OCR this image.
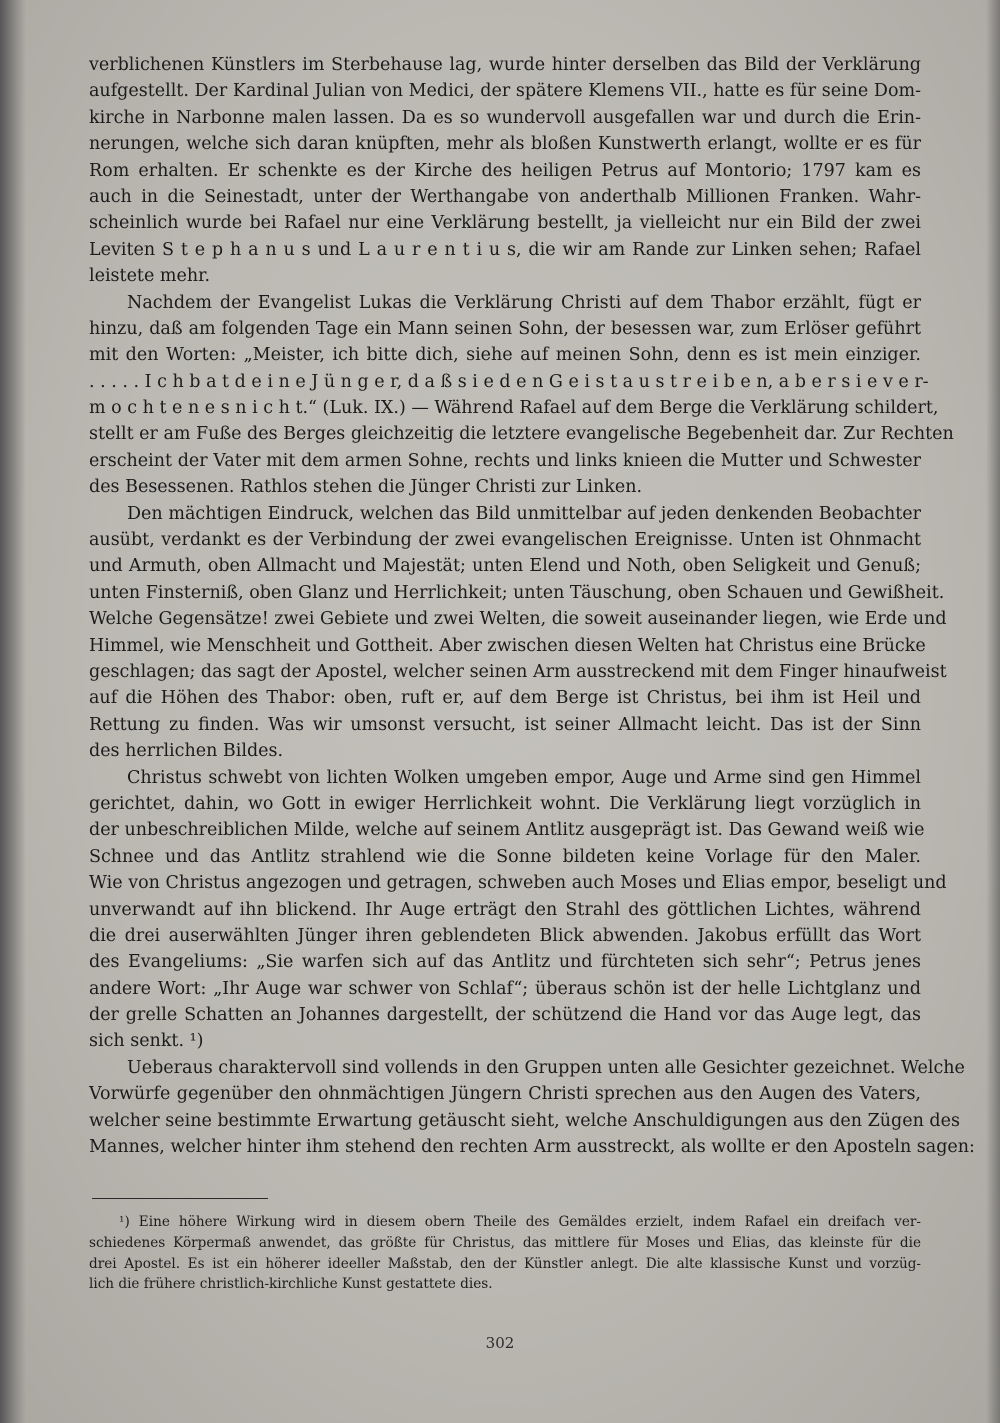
verblichenen Künstlers im Sterbehause lag, wurde hinter derselben das Bild der Verklärung
aufgestellt. Der Kardinal Julian von Medici, der spätere Klemens VII., hatte es für seine Dom-
kirche in Narbonne malen lassen. Da es so wundervoll ausgefallen war und durch die Erin-
nerungen, welche sich daran knüpften, mehr als bloßen Kunstwerth erlangt, wollte er es für
Rom erhalten. Er schenkte es der Kirche des heiligen Petrus auf Montorio; 1797 kam es
auch in die Seinestadt, unter der Werthangabe von anderthalb Millionen Franken. Wahr-
scheinlich wurde bei Rafael nur eine Verklärung bestellt, ja vielleicht nur ein Bild der zwei
Leviten S t e p h a n u s und L a u r e n t i u s, die wir am Rande zur Linken sehen; Rafael
leistete mehr.
Nachdem der Evangelist Lukas die Verklärung Christi auf dem Thabor erzählt, fügt er
hinzu, daß am folgenden Tage ein Mann seinen Sohn, der besessen war, zum Erlöser geführt
mit den Worten: „Meister, ich bitte dich, siehe auf meinen Sohn, denn es ist mein einziger.
. . . . . I c h b a t d e i n e J ü n g e r, d a ß s i e d e n G e i s t a u s t r e i b e n, a b e r s i e v e r-
m o c h t e n e s n i c h t.“ (Luk. IX.) — Während Rafael auf dem Berge die Verklärung schildert,
stellt er am Fuße des Berges gleichzeitig die letztere evangelische Begebenheit dar. Zur Rechten
erscheint der Vater mit dem armen Sohne, rechts und links knieen die Mutter und Schwester
des Besessenen. Rathlos stehen die Jünger Christi zur Linken.
Den mächtigen Eindruck, welchen das Bild unmittelbar auf jeden denkenden Beobachter
ausübt, verdankt es der Verbindung der zwei evangelischen Ereignisse. Unten ist Ohnmacht
und Armuth, oben Allmacht und Majestät; unten Elend und Noth, oben Seligkeit und Genuß;
unten Finsterniß, oben Glanz und Herrlichkeit; unten Täuschung, oben Schauen und Gewißheit.
Welche Gegensätze! zwei Gebiete und zwei Welten, die soweit auseinander liegen, wie Erde und
Himmel, wie Menschheit und Gottheit. Aber zwischen diesen Welten hat Christus eine Brücke
geschlagen; das sagt der Apostel, welcher seinen Arm ausstreckend mit dem Finger hinaufweist
auf die Höhen des Thabor: oben, ruft er, auf dem Berge ist Christus, bei ihm ist Heil und
Rettung zu finden. Was wir umsonst versucht, ist seiner Allmacht leicht. Das ist der Sinn
des herrlichen Bildes.
Christus schwebt von lichten Wolken umgeben empor, Auge und Arme sind gen Himmel
gerichtet, dahin, wo Gott in ewiger Herrlichkeit wohnt. Die Verklärung liegt vorzüglich in
der unbeschreiblichen Milde, welche auf seinem Antlitz ausgeprägt ist. Das Gewand weiß wie
Schnee und das Antlitz strahlend wie die Sonne bildeten keine Vorlage für den Maler.
Wie von Christus angezogen und getragen, schweben auch Moses und Elias empor, beseligt und
unverwandt auf ihn blickend. Ihr Auge erträgt den Strahl des göttlichen Lichtes, während
die drei auserwählten Jünger ihren geblendeten Blick abwenden. Jakobus erfüllt das Wort
des Evangeliums: „Sie warfen sich auf das Antlitz und fürchteten sich sehr“; Petrus jenes
andere Wort: „Ihr Auge war schwer von Schlaf“; überaus schön ist der helle Lichtglanz und
der grelle Schatten an Johannes dargestellt, der schützend die Hand vor das Auge legt, das
sich senkt. ¹)
Ueberaus charaktervoll sind vollends in den Gruppen unten alle Gesichter gezeichnet. Welche
Vorwürfe gegenüber den ohnmächtigen Jüngern Christi sprechen aus den Augen des Vaters,
welcher seine bestimmte Erwartung getäuscht sieht, welche Anschuldigungen aus den Zügen des
Mannes, welcher hinter ihm stehend den rechten Arm ausstreckt, als wollte er den Aposteln sagen:
¹) Eine höhere Wirkung wird in diesem obern Theile des Gemäldes erzielt, indem Rafael ein dreifach ver-
schiedenes Körpermaß anwendet, das größte für Christus, das mittlere für Moses und Elias, das kleinste für die
drei Apostel. Es ist ein höherer ideeller Maßstab, den der Künstler anlegt. Die alte klassische Kunst und vorzüg-
lich die frühere christlich-kirchliche Kunst gestattete dies.
302
